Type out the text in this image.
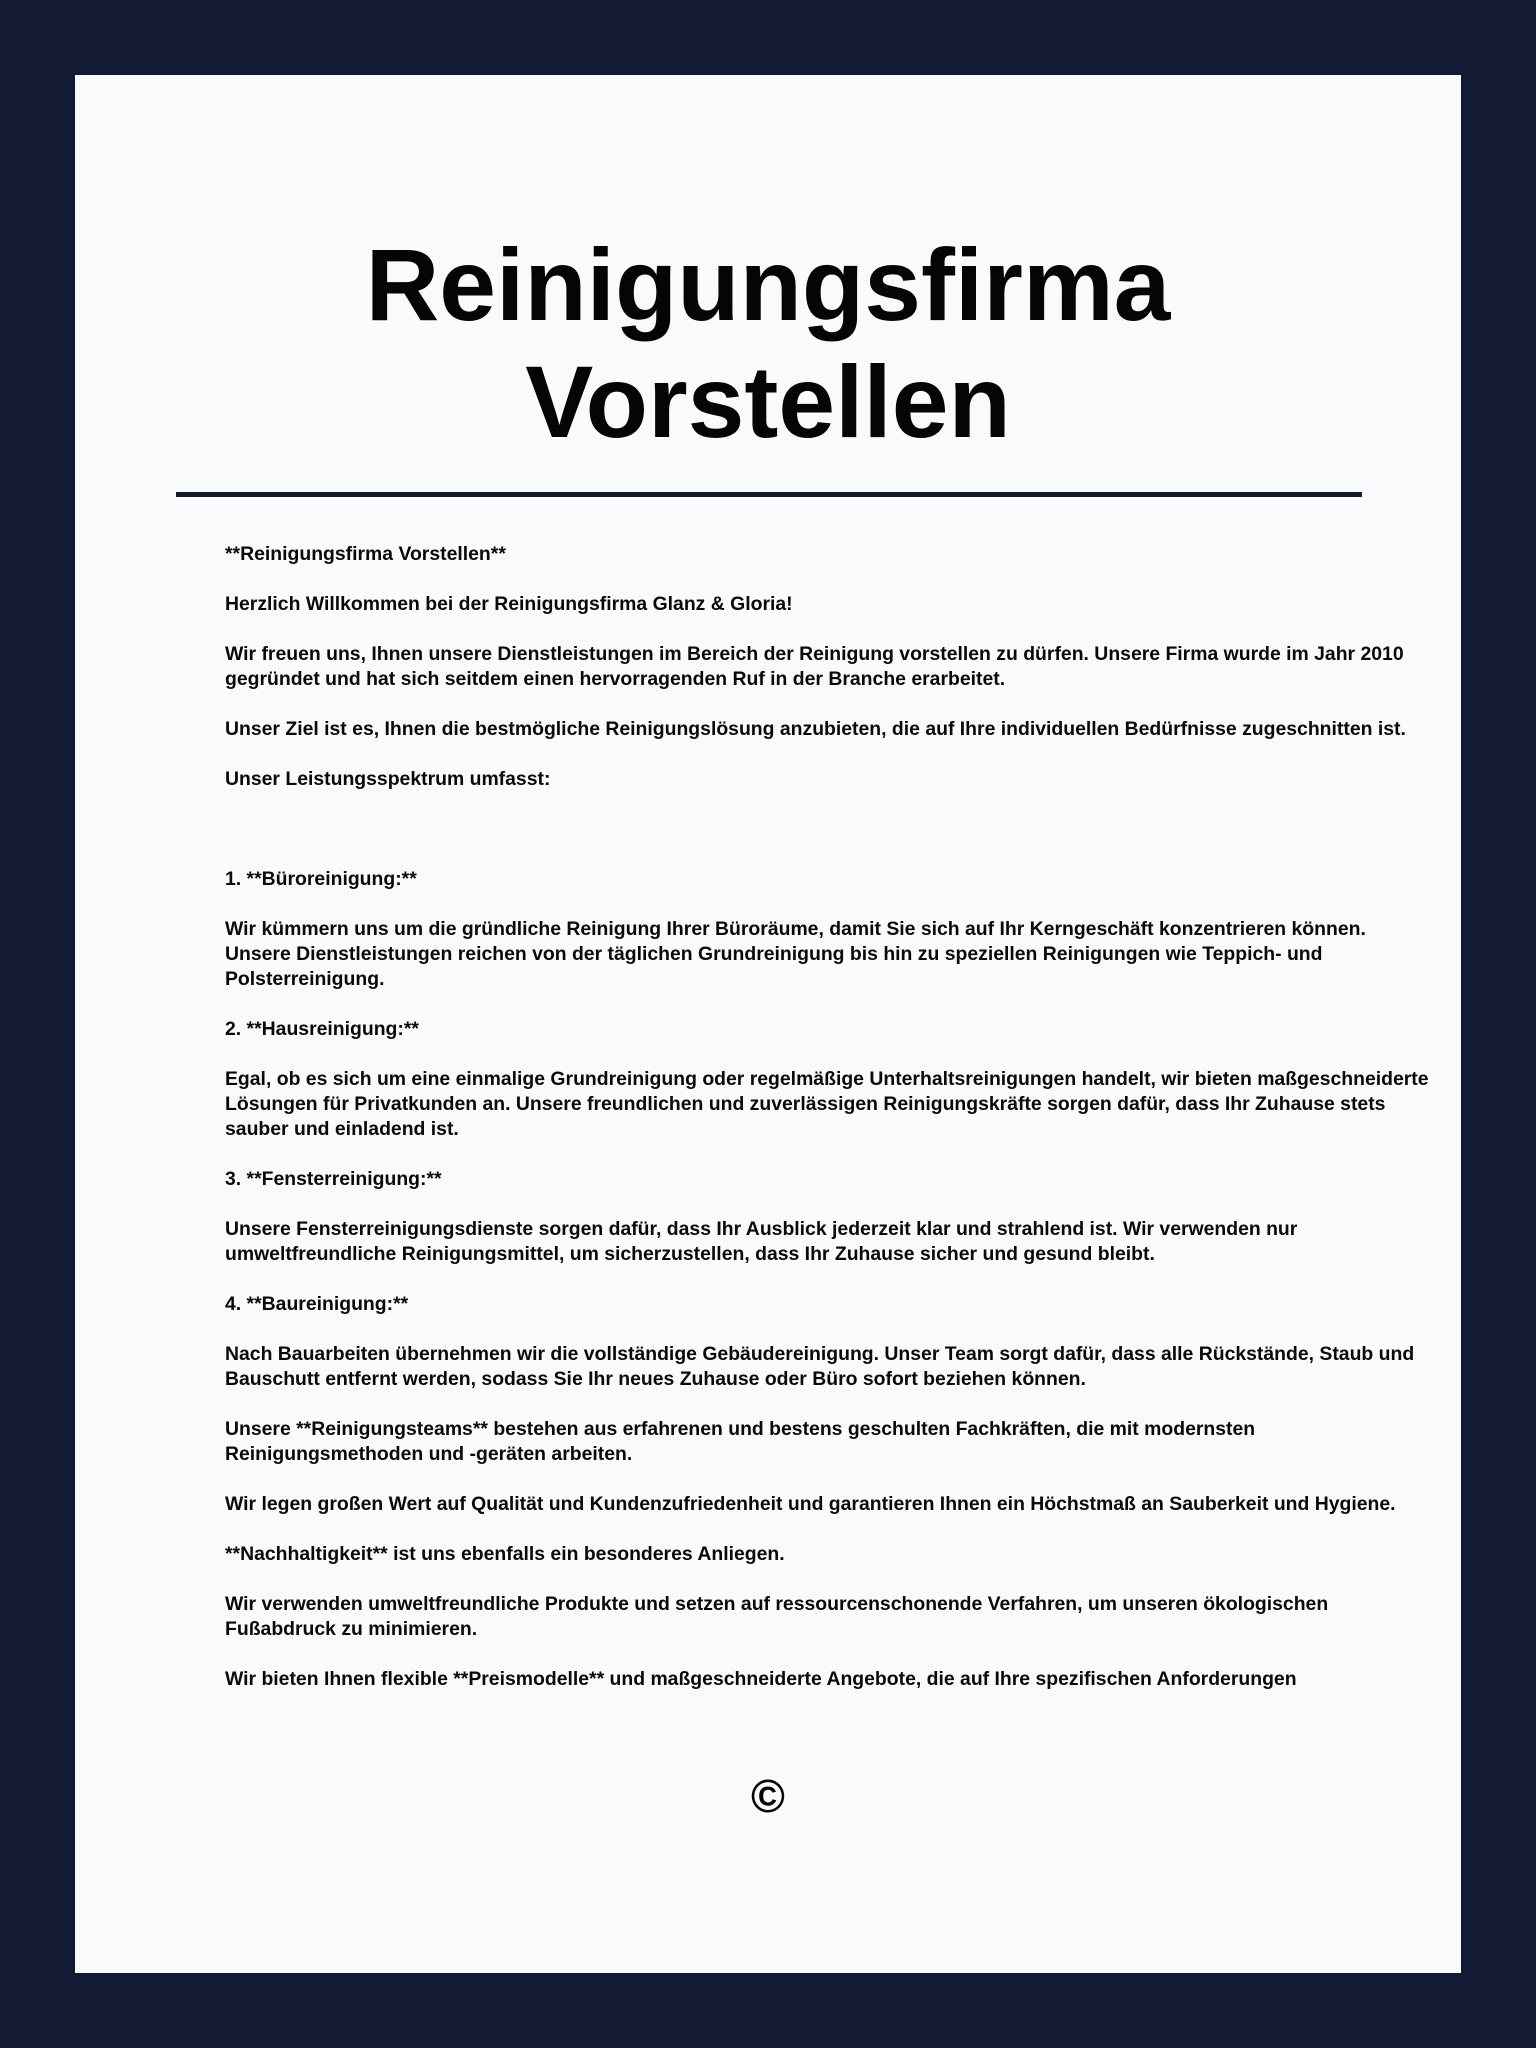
Reinigungsfirma
Vorstellen

**Reinigungsfirma Vorstellen**

Herzlich Willkommen bei der Reinigungsfirma Glanz & Gloria!

Wir freuen uns, Ihnen unsere Dienstleistungen im Bereich der Reinigung vorstellen zu dürfen. Unsere Firma wurde im Jahr 2010 gegründet und hat sich seitdem einen hervorragenden Ruf in der Branche erarbeitet.

Unser Ziel ist es, Ihnen die bestmögliche Reinigungslösung anzubieten, die auf Ihre individuellen Bedürfnisse zugeschnitten ist.

Unser Leistungsspektrum umfasst:

1. **Büroreinigung:**

Wir kümmern uns um die gründliche Reinigung Ihrer Büroräume, damit Sie sich auf Ihr Kerngeschäft konzentrieren können. Unsere Dienstleistungen reichen von der täglichen Grundreinigung bis hin zu speziellen Reinigungen wie Teppich- und Polsterreinigung.

2. **Hausreinigung:**

Egal, ob es sich um eine einmalige Grundreinigung oder regelmäßige Unterhaltsreinigungen handelt, wir bieten maßgeschneiderte Lösungen für Privatkunden an. Unsere freundlichen und zuverlässigen Reinigungskräfte sorgen dafür, dass Ihr Zuhause stets sauber und einladend ist.

3. **Fensterreinigung:**

Unsere Fensterreinigungsdienste sorgen dafür, dass Ihr Ausblick jederzeit klar und strahlend ist. Wir verwenden nur umweltfreundliche Reinigungsmittel, um sicherzustellen, dass Ihr Zuhause sicher und gesund bleibt.

4. **Baureinigung:**

Nach Bauarbeiten übernehmen wir die vollständige Gebäudereinigung. Unser Team sorgt dafür, dass alle Rückstände, Staub und Bauschutt entfernt werden, sodass Sie Ihr neues Zuhause oder Büro sofort beziehen können.

Unsere **Reinigungsteams** bestehen aus erfahrenen und bestens geschulten Fachkräften, die mit modernsten Reinigungsmethoden und -geräten arbeiten.

Wir legen großen Wert auf Qualität und Kundenzufriedenheit und garantieren Ihnen ein Höchstmaß an Sauberkeit und Hygiene.

**Nachhaltigkeit** ist uns ebenfalls ein besonderes Anliegen.

Wir verwenden umweltfreundliche Produkte und setzen auf ressourcenschonende Verfahren, um unseren ökologischen Fußabdruck zu minimieren.

Wir bieten Ihnen flexible **Preismodelle** und maßgeschneiderte Angebote, die auf Ihre spezifischen Anforderungen

©
